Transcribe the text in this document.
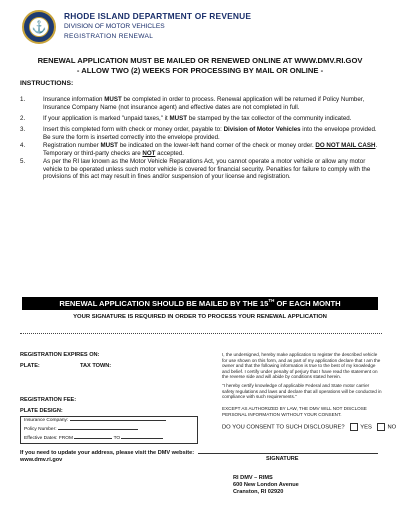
⚓
RHODE ISLAND DEPARTMENT OF REVENUE
DIVISION OF MOTOR VEHICLES
REGISTRATION RENEWAL
RENEWAL APPLICATION MUST BE MAILED OR RENEWED ONLINE AT WWW.DMV.RI.GOV
- ALLOW TWO (2) WEEKS FOR PROCESSING BY MAIL OR ONLINE -
INSTRUCTIONS:
1.	Insurance information MUST be completed in order to process. Renewal application will be returned if Policy Number, Insurance Company Name (not insurance agent) and effective dates are not completed in full.
2.	If your application is marked "unpaid taxes," it MUST be stamped by the tax collector of the community indicated.
3.	Insert this completed form with check or money order, payable to: Division of Motor Vehicles into the envelope provided. Be sure the form is inserted correctly into the envelope provided.
4.	Registration number MUST be indicated on the lower-left hand corner of the check or money order. DO NOT MAIL CASH. Temporary or third-party checks are NOT accepted.
5.	As per the RI law known as the Motor Vehicle Reparations Act, you cannot operate a motor vehicle or allow any motor vehicle to be operated unless such motor vehicle is covered for financial security. Penalties for failure to comply with the provisions of this act may result in fines and/or suspension of your license and registration.
RENEWAL APPLICATION SHOULD BE MAILED BY THE 15TH OF EACH MONTH
YOUR SIGNATURE IS REQUIRED IN ORDER TO PROCESS YOUR RENEWAL APPLICATION
REGISTRATION EXPIRES ON:
PLATE:	TAX TOWN:
REGISTRATION FEE:
PLATE DESIGN:
Insurance Company:
Policy Number:
Effective Dates: FROM	TO
If you need to update your address, please visit the DMV website: www.dmv.ri.gov
I, the undersigned, hereby make application to register the described vehicle for use shown on this form, and as part of my application declare that I am the owner and that the following information is true to the best of my knowledge and belief. I certify under penalty of perjury that I have read the statement on the reverse side and will abide by conditions stated herein.
"I hereby certify knowledge of applicable Federal and State motor carrier safety regulations and laws and declare that all operations will be conducted in compliance with such requirements."
EXCEPT AS AUTHORIZED BY LAW, THE DMV WILL NOT DISCLOSE PERSONAL INFORMATION WITHOUT YOUR CONSENT.
DO YOU CONSENT TO SUCH DISCLOSURE?	YES	NO
SIGNATURE
RI DMV – RIMS
600 New London Avenue
Cranston, RI 02920
